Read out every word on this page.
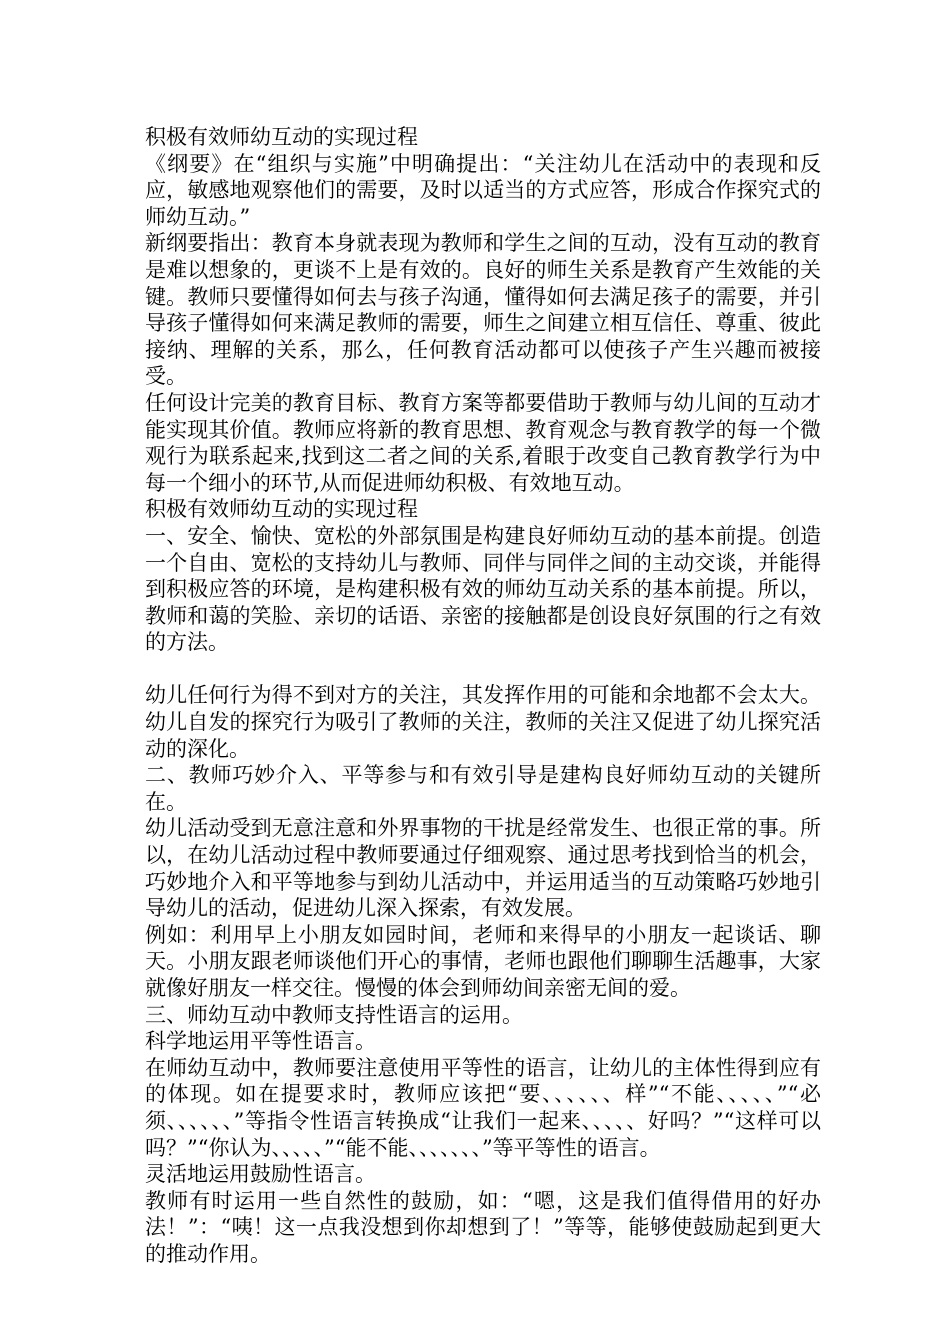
积极有效师幼互动的实现过程

《纲要》在“组织与实施”中明确提出：“关注幼儿在活动中的表现和反应，敏感地观察他们的需要，及时以适当的方式应答，形成合作探究式的师幼互动。”

新纲要指出：教育本身就表现为教师和学生之间的互动，没有互动的教育是难以想象的，更谈不上是有效的。良好的师生关系是教育产生效能的关键。教师只要懂得如何去与孩子沟通，懂得如何去满足孩子的需要，并引导孩子懂得如何来满足教师的需要，师生之间建立相互信任、尊重、彼此接纳、理解的关系，那么，任何教育活动都可以使孩子产生兴趣而被接受。

任何设计完美的教育目标、教育方案等都要借助于教师与幼儿间的互动才能实现其价值。教师应将新的教育思想、教育观念与教育教学的每一个微观行为联系起来,找到这二者之间的关系,着眼于改变自己教育教学行为中每一个细小的环节,从而促进师幼积极、有效地互动。

积极有效师幼互动的实现过程

一、安全、愉快、宽松的外部氛围是构建良好师幼互动的基本前提。创造一个自由、宽松的支持幼儿与教师、同伴与同伴之间的主动交谈，并能得到积极应答的环境，是构建积极有效的师幼互动关系的基本前提。所以，教师和蔼的笑脸、亲切的话语、亲密的接触都是创设良好氛围的行之有效的方法。

幼儿任何行为得不到对方的关注，其发挥作用的可能和余地都不会太大。幼儿自发的探究行为吸引了教师的关注，教师的关注又促进了幼儿探究活动的深化。

二、教师巧妙介入、平等参与和有效引导是建构良好师幼互动的关键所在。

幼儿活动受到无意注意和外界事物的干扰是经常发生、也很正常的事。所以，在幼儿活动过程中教师要通过仔细观察、通过思考找到恰当的机会，巧妙地介入和平等地参与到幼儿活动中，并运用适当的互动策略巧妙地引导幼儿的活动，促进幼儿深入探索，有效发展。

例如：利用早上小朋友如园时间，老师和来得早的小朋友一起谈话、聊天。小朋友跟老师谈他们开心的事情，老师也跟他们聊聊生活趣事，大家就像好朋友一样交往。慢慢的体会到师幼间亲密无间的爱。

三、师幼互动中教师支持性语言的运用。

科学地运用平等性语言。

在师幼互动中，教师要注意使用平等性的语言，让幼儿的主体性得到应有的体现。如在提要求时，教师应该把“要、、、、、、样”“不能、、、、、”“必须、、、、、、”等指令性语言转换成“让我们一起来、、、、、好吗？”“这样可以吗？”“你认为、、、、、”“能不能、、、、、、、”等平等性的语言。

灵活地运用鼓励性语言。

教师有时运用一些自然性的鼓励，如：“嗯，这是我们值得借用的好办法！”：“咦！这一点我没想到你却想到了！”等等，能够使鼓励起到更大的推动作用。
